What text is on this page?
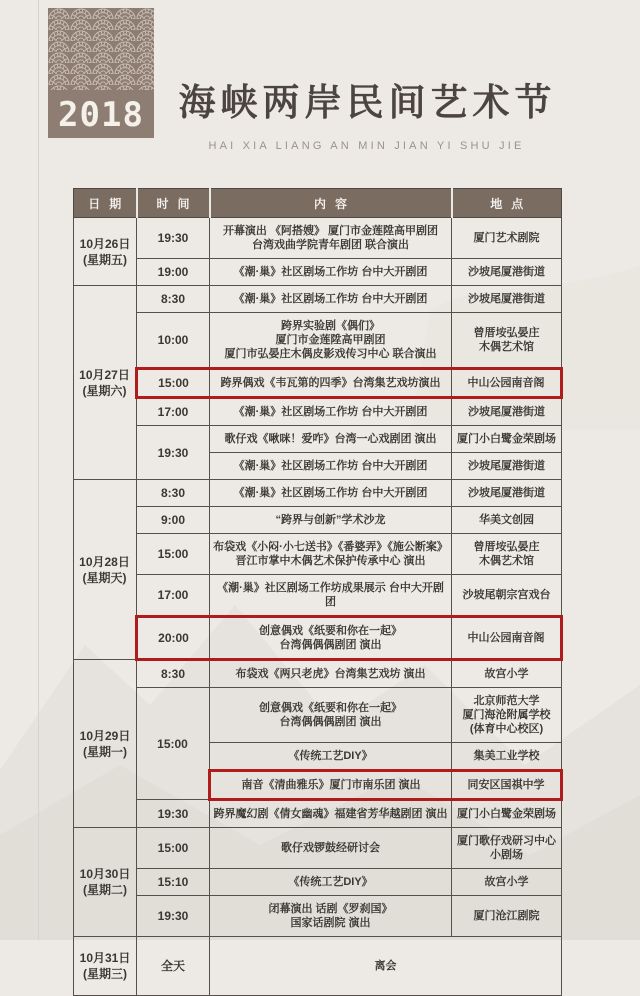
2018 海峡两岸民间艺术节
HAI XIA LIANG AN MIN JIAN YI SHU JIE
日期	时间	内容	地点
10月26日
(星期五)	19:30	开幕演出 《阿搭嫂》 厦门市金莲陞高甲剧团
台湾戏曲学院青年剧团 联合演出	厦门艺术剧院
	19:00	《潮·巢》社区剧场工作坊 台中大开剧团	沙坡尾厦港街道
10月27日
(星期六)	8:30	《潮·巢》社区剧场工作坊 台中大开剧团	沙坡尾厦港街道
	10:00	跨界实验剧《偶们》
厦门市金莲陞高甲剧团
厦门市弘晏庄木偶皮影戏传习中心 联合演出	曾厝垵弘晏庄
木偶艺术馆
	15:00	跨界偶戏《韦瓦第的四季》台湾集艺戏坊演出	中山公园南音阁
	17:00	《潮·巢》社区剧场工作坊 台中大开剧团	沙坡尾厦港街道
	19:30	歌仔戏《啾咪！爱咋》台湾一心戏剧团 演出	厦门小白鹭金荣剧场
		《潮·巢》社区剧场工作坊 台中大开剧团	沙坡尾厦港街道
10月28日
(星期天)	8:30	《潮·巢》社区剧场工作坊 台中大开剧团	沙坡尾厦港街道
	9:00	“跨界与创新”学术沙龙	华美文创园
	15:00	布袋戏《小闷·小七送书》《番婆弄》《施公断案》
晋江市掌中木偶艺术保护传承中心 演出	曾厝垵弘晏庄
木偶艺术馆
	17:00	《潮·巢》社区剧场工作坊成果展示 台中大开剧团	沙坡尾朝宗宫戏台
	20:00	创意偶戏《纸要和你在一起》
台湾偶偶偶剧团 演出	中山公园南音阁
10月29日
(星期一)	8:30	布袋戏《两只老虎》台湾集艺戏坊 演出	故宫小学
	15:00	创意偶戏《纸要和你在一起》
台湾偶偶偶剧团 演出	北京师范大学
厦门海沧附属学校
(体育中心校区)
		《传统工艺DIY》	集美工业学校
		南音《清曲雅乐》厦门市南乐团 演出	同安区国祺中学
	19:30	跨界魔幻剧《倩女幽魂》福建省芳华越剧团 演出	厦门小白鹭金荣剧场
10月30日
(星期二)	15:00	歌仔戏锣鼓经研讨会	厦门歌仔戏研习中心
小剧场
	15:10	《传统工艺DIY》	故宫小学
	19:30	闭幕演出 话剧《罗刹国》
国家话剧院 演出	厦门沧江剧院
10月31日
(星期三)	全天	离会	
